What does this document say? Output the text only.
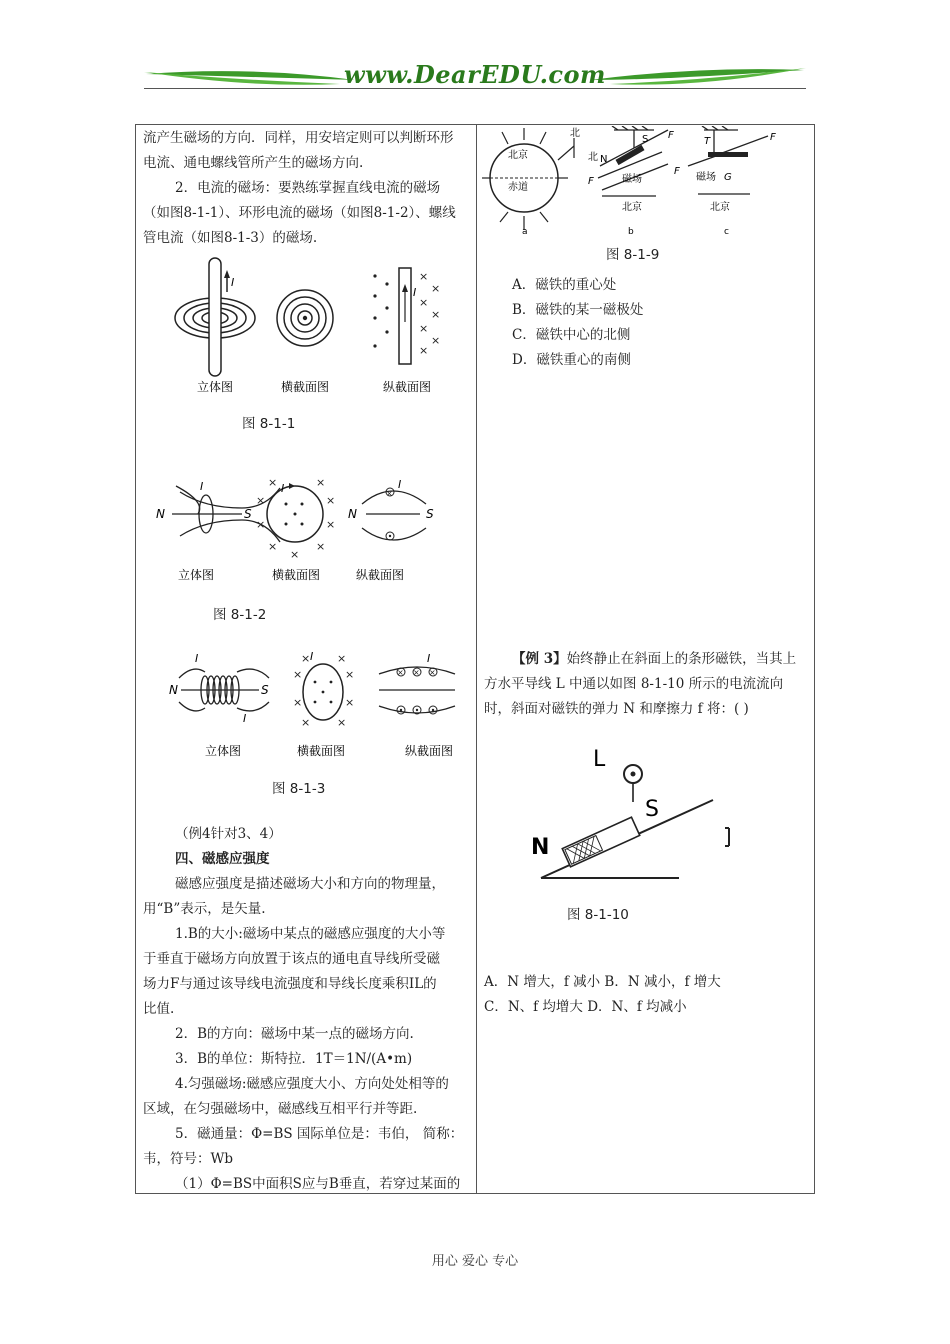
www.DearEDU.com
流产生磁场的方向．同样，用安培定则可以判断环形
电流、通电螺线管所产生的磁场方向.
2．电流的磁场：要熟练掌握直线电流的磁场
（如图8-1-1）、环形电流的磁场（如图8-1-2）、螺线
管电流（如图8-1-3）的磁场.
I
I
×
×
×
×
×
×
×
立体图	横截面图	纵截面图
图 8-1-1
N	S
I
×
×
×
×
×	×
×	×
×
I
N	S
×
I
立体图	横截面图	纵截面图
图 8-1-2
N	S
I
I
×
×
×
×
× ×
× ×
I
× × ×
I
立体图	横截面图	纵截面图
图 8-1-3
（例4针对3、4）
四、磁感应强度
磁感应强度是描述磁场大小和方向的物理量，
用“B”表示，是矢量.
1.B的大小:磁场中某点的磁感应强度的大小等
于垂直于磁场方向放置于该点的通电直导线所受磁
场力F与通过该导线电流强度和导线长度乘积IL的
比值.
2．B的方向：磁场中某一点的磁场方向.
3．B的单位：斯特拉．1T＝1N/(A•m)
4.匀强磁场:磁感应强度大小、方向处处相等的
区域，在匀强磁场中，磁感线互相平行并等距.
5．磁通量：Φ=BS 国际单位是：韦伯， 简称：
韦，符号：Wb
（1）Φ=BS中面积S应与B垂直，若穿过某面的
北京
赤道
北
a
S
N
北
F
F	磁场
北京
b
T	F
F
磁场 G
北京
c
图 8-1-9
A．磁铁的重心处
B．磁铁的某一磁极处
C．磁铁中心的北侧
D．磁铁重心的南侧
【例 3】始终静止在斜面上的条形磁铁，当其上
方水平导线 L 中通以如图 8-1-10 所示的电流流向
时，斜面对磁铁的弹力 N 和摩擦力 f 将：( )
L
S
N
图 8-1-10
A．N 增大，f 减小 B．N 减小，f 增大
C．N、f 均增大 D．N、f 均减小
用心 爱心 专心
